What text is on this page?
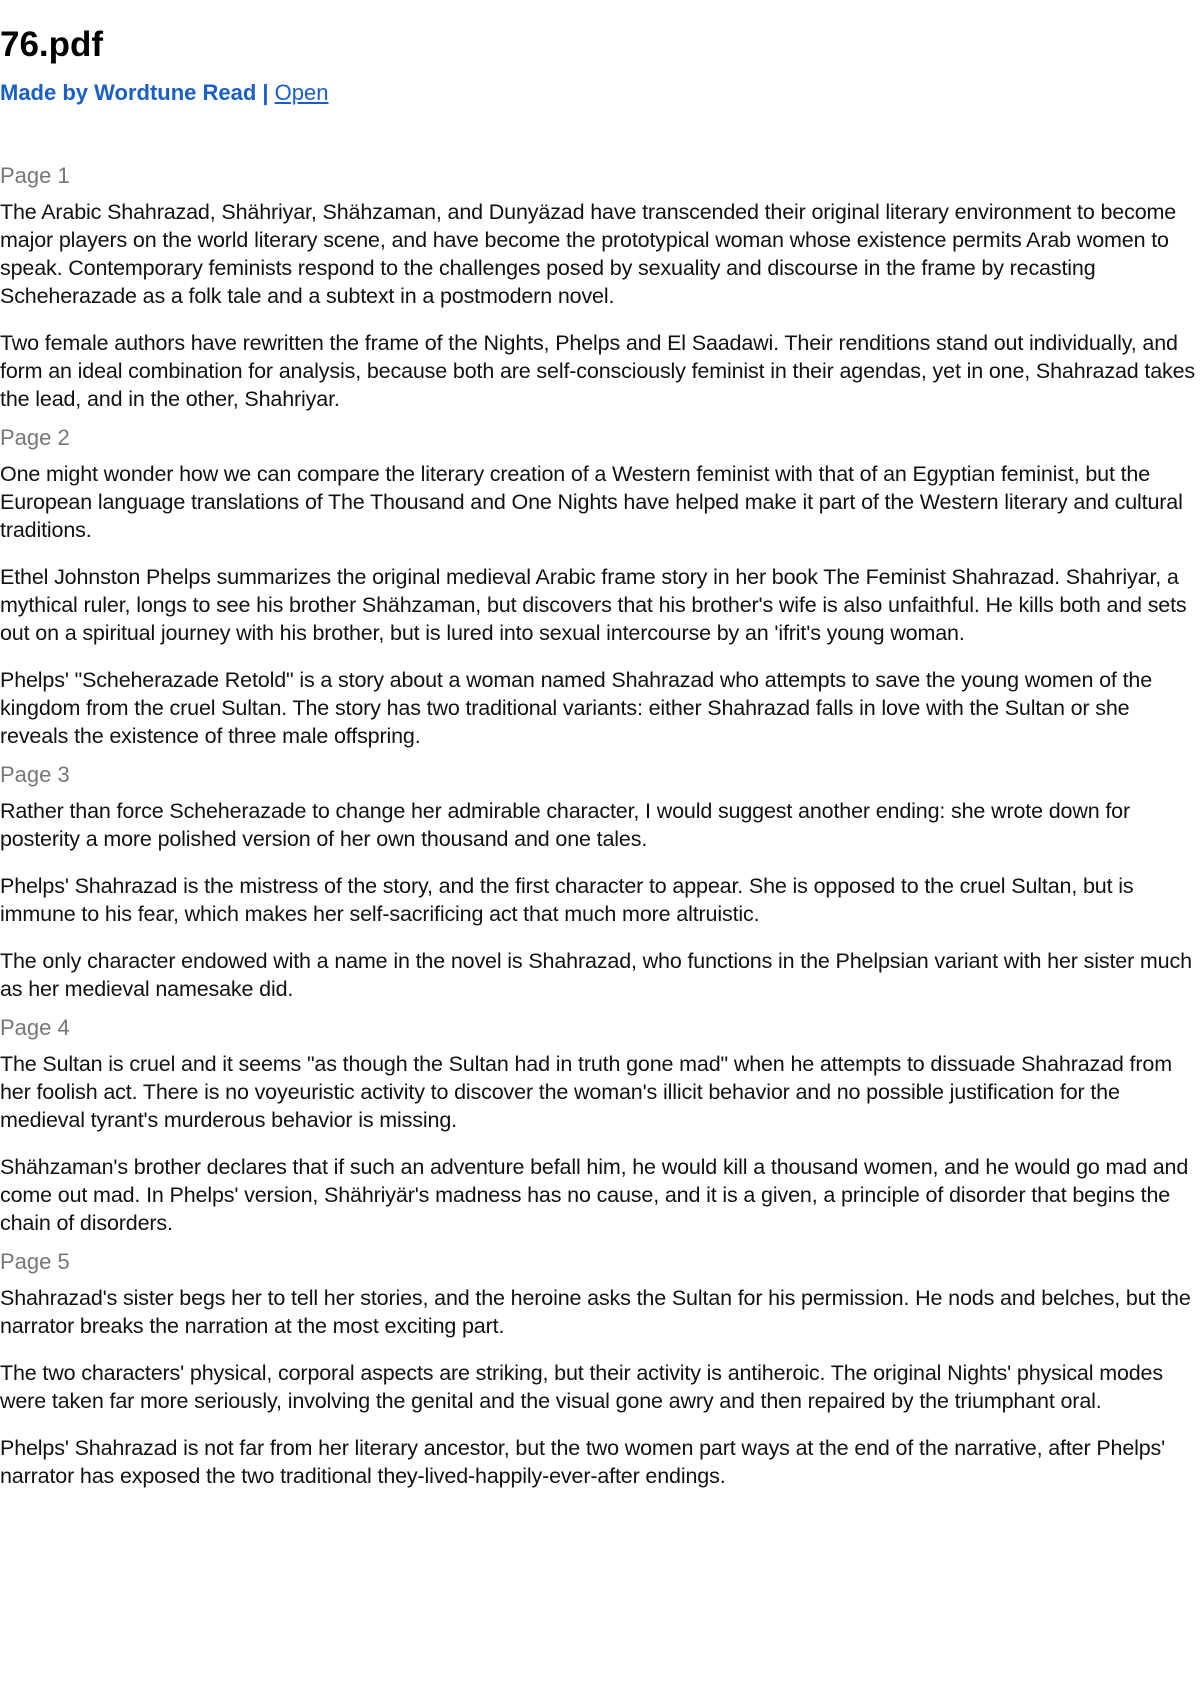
76.pdf
Made by Wordtune Read | Open
Page 1

The Arabic Shahrazad, Shähriyar, Shähzaman, and Dunyäzad have transcended their original literary environment to become major players on the world literary scene, and have become the prototypical woman whose existence permits Arab women to speak. Contemporary feminists respond to the challenges posed by sexuality and discourse in the frame by recasting Scheherazade as a folk tale and a subtext in a postmodern novel.

Two female authors have rewritten the frame of the Nights, Phelps and El Saadawi. Their renditions stand out individually, and form an ideal combination for analysis, because both are self-consciously feminist in their agendas, yet in one, Shahrazad takes the lead, and in the other, Shahriyar.

Page 2

One might wonder how we can compare the literary creation of a Western feminist with that of an Egyptian feminist, but the European language translations of The Thousand and One Nights have helped make it part of the Western literary and cultural traditions.

Ethel Johnston Phelps summarizes the original medieval Arabic frame story in her book The Feminist Shahrazad. Shahriyar, a mythical ruler, longs to see his brother Shähzaman, but discovers that his brother's wife is also unfaithful. He kills both and sets out on a spiritual journey with his brother, but is lured into sexual intercourse by an 'ifrit's young woman.

Phelps' "Scheherazade Retold" is a story about a woman named Shahrazad who attempts to save the young women of the kingdom from the cruel Sultan. The story has two traditional variants: either Shahrazad falls in love with the Sultan or she reveals the existence of three male offspring.

Page 3

Rather than force Scheherazade to change her admirable character, I would suggest another ending: she wrote down for posterity a more polished version of her own thousand and one tales.

Phelps' Shahrazad is the mistress of the story, and the first character to appear. She is opposed to the cruel Sultan, but is immune to his fear, which makes her self-sacrificing act that much more altruistic.

The only character endowed with a name in the novel is Shahrazad, who functions in the Phelpsian variant with her sister much as her medieval namesake did.

Page 4

The Sultan is cruel and it seems "as though the Sultan had in truth gone mad" when he attempts to dissuade Shahrazad from her foolish act. There is no voyeuristic activity to discover the woman's illicit behavior and no possible justification for the medieval tyrant's murderous behavior is missing.

Shähzaman's brother declares that if such an adventure befall him, he would kill a thousand women, and he would go mad and come out mad. In Phelps' version, Shähriyär's madness has no cause, and it is a given, a principle of disorder that begins the chain of disorders.

Page 5

Shahrazad's sister begs her to tell her stories, and the heroine asks the Sultan for his permission. He nods and belches, but the narrator breaks the narration at the most exciting part.

The two characters' physical, corporal aspects are striking, but their activity is antiheroic. The original Nights' physical modes were taken far more seriously, involving the genital and the visual gone awry and then repaired by the triumphant oral.

Phelps' Shahrazad is not far from her literary ancestor, but the two women part ways at the end of the narrative, after Phelps' narrator has exposed the two traditional they-lived-happily-ever-after endings.
